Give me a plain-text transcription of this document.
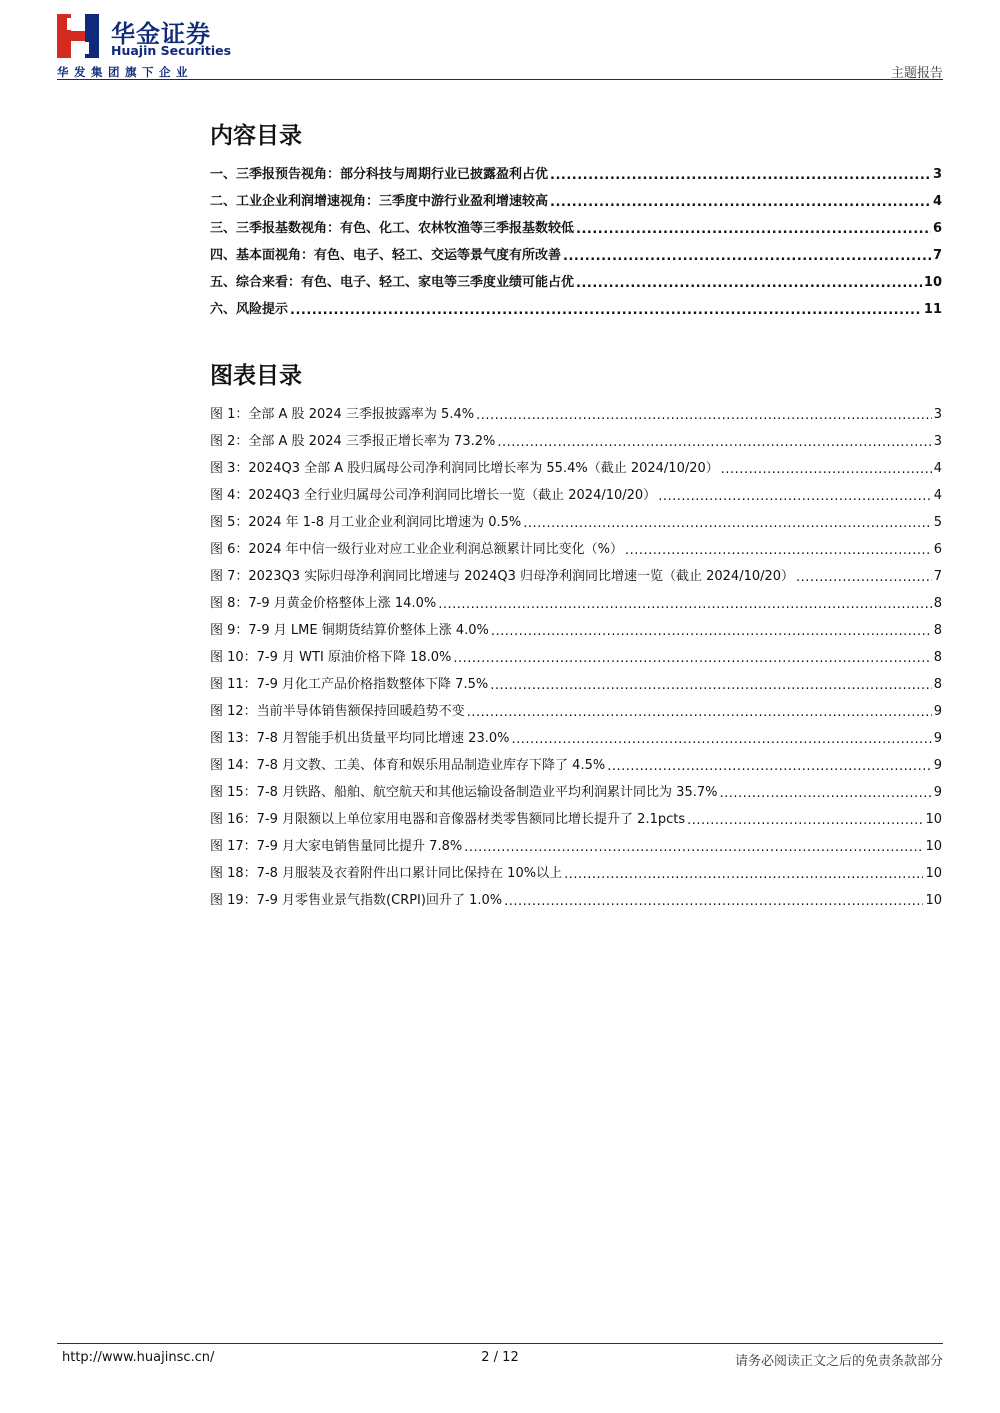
华金证券
Huajin Securities
华发集团旗下企业	主题报告
内容目录
一、三季报预告视角：部分科技与周期行业已披露盈利占优 .....	3
二、工业企业利润增速视角：三季度中游行业盈利增速较高 .....	4
三、三季报基数视角：有色、化工、农林牧渔等三季报基数较低 .....	6
四、基本面视角：有色、电子、轻工、交运等景气度有所改善 .....	7
五、综合来看：有色、电子、轻工、家电等三季度业绩可能占优 .....	10
六、风险提示 .....	11
图表目录
图 1：全部 A 股 2024 三季报披露率为 5.4% .....	3
图 2：全部 A 股 2024 三季报正增长率为 73.2% .....	3
图 3：2024Q3 全部 A 股归属母公司净利润同比增长率为 55.4%（截止 2024/10/20） .....	4
图 4：2024Q3 全行业归属母公司净利润同比增长一览（截止 2024/10/20） .....	4
图 5：2024 年 1-8 月工业企业利润同比增速为 0.5% .....	5
图 6：2024 年中信一级行业对应工业企业利润总额累计同比变化（%） .....	6
图 7：2023Q3 实际归母净利润同比增速与 2024Q3 归母净利润同比增速一览（截止 2024/10/20） .....	7
图 8：7-9 月黄金价格整体上涨 14.0% .....	8
图 9：7-9 月 LME 铜期货结算价整体上涨 4.0% .....	8
图 10：7-9 月 WTI 原油价格下降 18.0% .....	8
图 11：7-9 月化工产品价格指数整体下降 7.5% .....	8
图 12：当前半导体销售额保持回暖趋势不变 .....	9
图 13：7-8 月智能手机出货量平均同比增速 23.0% .....	9
图 14：7-8 月文教、工美、体育和娱乐用品制造业库存下降了 4.5% .....	9
图 15：7-8 月铁路、船舶、航空航天和其他运输设备制造业平均利润累计同比为 35.7% .....	9
图 16：7-9 月限额以上单位家用电器和音像器材类零售额同比增长提升了 2.1pcts .....	10
图 17：7-9 月大家电销售量同比提升 7.8% .....	10
图 18：7-8 月服装及衣着附件出口累计同比保持在 10%以上 .....	10
图 19：7-9 月零售业景气指数(CRPI)回升了 1.0% .....	10
http://www.huajinsc.cn/	2 / 12	请务必阅读正文之后的免责条款部分
